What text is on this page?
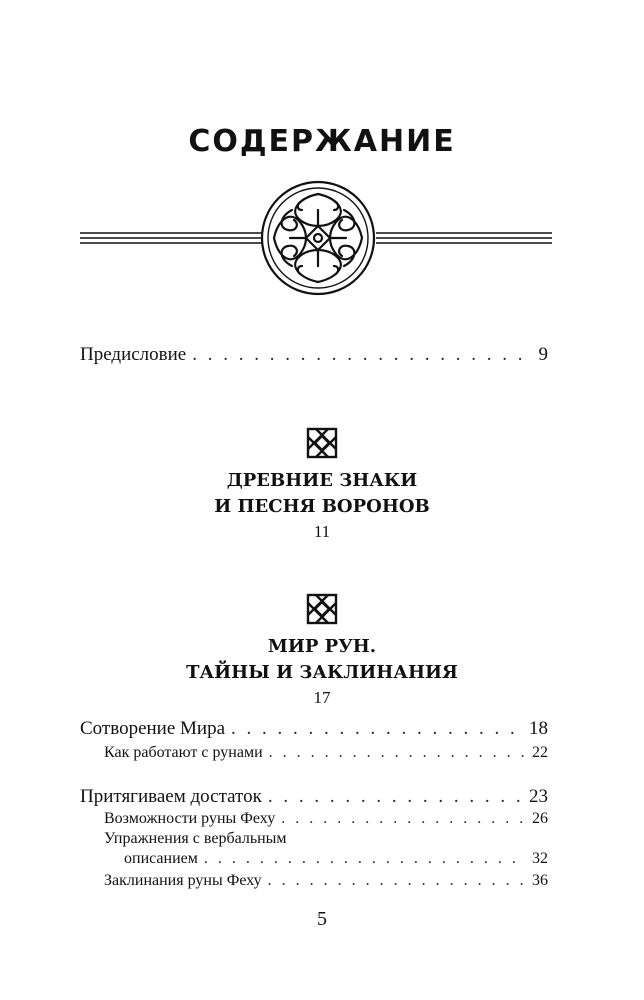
СОДЕРЖАНИЕ
Предисловие . . .	9
ДРЕВНИЕ ЗНАКИ
И ПЕСНЯ ВОРОНОВ
11
МИР РУН.
ТАЙНЫ И ЗАКЛИНАНИЯ
17
Сотворение Мира . . .	18
Как работают с рунами . . .	22
Притягиваем достаток . . .	23
Возможности руны Феху . . .	26
Упражнения с вербальным
описанием . . .	32
Заклинания руны Феху . . .	36
5
